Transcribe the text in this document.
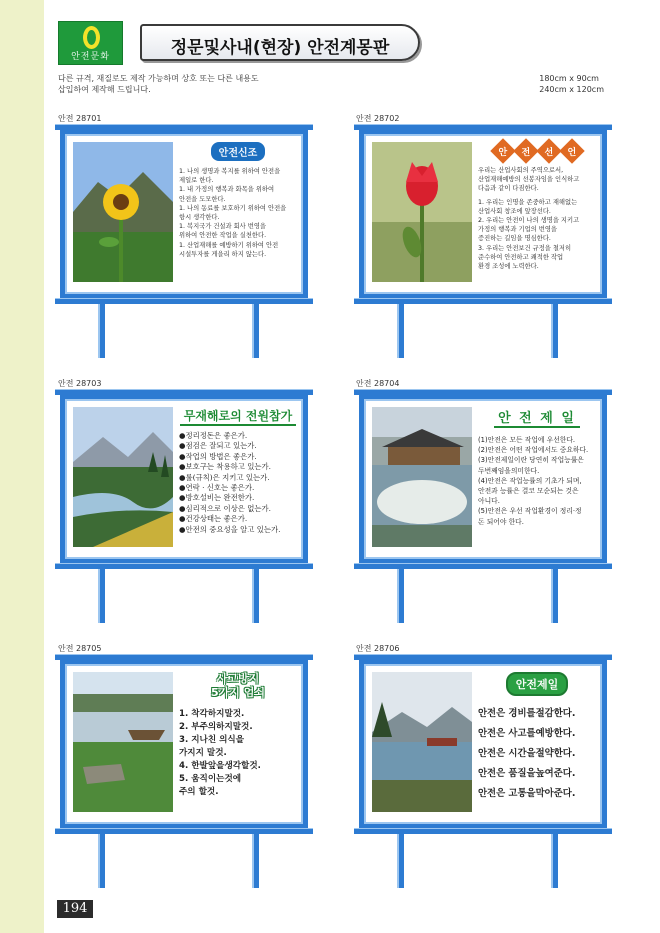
안전문화	정문및사내(현장) 안전계몽판
다른 규격, 재질로도 제작 가능하며 상호 또는 다른 내용도
삽입하여 제작해 드립니다.
180cm x 90cm
240cm x 120cm
안전 28701
안전신조
1. 나의 생명과 복지를 위하여 안전을
제일로 한다.
1. 내 가정의 행복과 화목을 위하여
안전을 도모한다.
1. 나의 동료를 보호하기 위하여 안전을
항시 생각한다.
1. 복지국가 건설과 회사 번영을
위하여 안전한 작업을 실천한다.
1. 산업재해를 예방하기 위하여 안전
시설투자를 게을리 하지 않는다.
안전 28702
안 전 선 언
우리는 산업사회의 주역으로서,
산업재해예방의 선봉자임을 인식하고
다음과 같이 다짐한다.
1. 우리는 인명을 존중하고 재해없는
산업사회 창조에 앞장선다.
2. 우리는 안전이 나의 생명을 지키고
가정의 행복과 기업의 번영을
증진하는 길임을 명심한다.
3. 우리는 안전보건 규정을 철저히
준수하여 안전하고 쾌적한 작업
환경 조성에 노력한다.
안전 28703
무재해로의 전원참가
●정리정돈은 좋은가.
●점검은 잘되고 있는가.
●작업의 방법은 좋은가.
●보호구는 착용하고 있는가.
●룰(규칙)은 지키고 있는가.
●연락 · 신호는 좋은가.
●방호설비는 완전한가.
●심리적으로 이상은 없는가.
●건강상태는 좋은가.
●안전의 중요성을 알고 있는가.
안전 28704
안 전 제 일
(1)안전은 모든 작업에 우선한다.
(2)안전은 어떤 작업에서도 중요하다.
(3)안전제일이란 당연히 작업능률은
두번째임을의미한다.
(4)안전은 작업능률의 기초가 되며,
안전과 능률은 결코 모순되는 것은
아니다.
(5)안전은 우선 작업환경이 정리·정
돈 되어야 한다.
안전 28705
사고방지
5가지 엄쇠
1. 착각하지말것.
2. 부주의하지말것.
3. 지나친 의식을
가지지 말것.
4. 한발앞을생각할것.
5. 움직이는것에
주의 할것.
안전 28706
안전제일
안전은 경비를절감한다.
안전은 사고를예방한다.
안전은 시간을절약한다.
안전은 품질을높여준다.
안전은 고통을막아준다.
194
